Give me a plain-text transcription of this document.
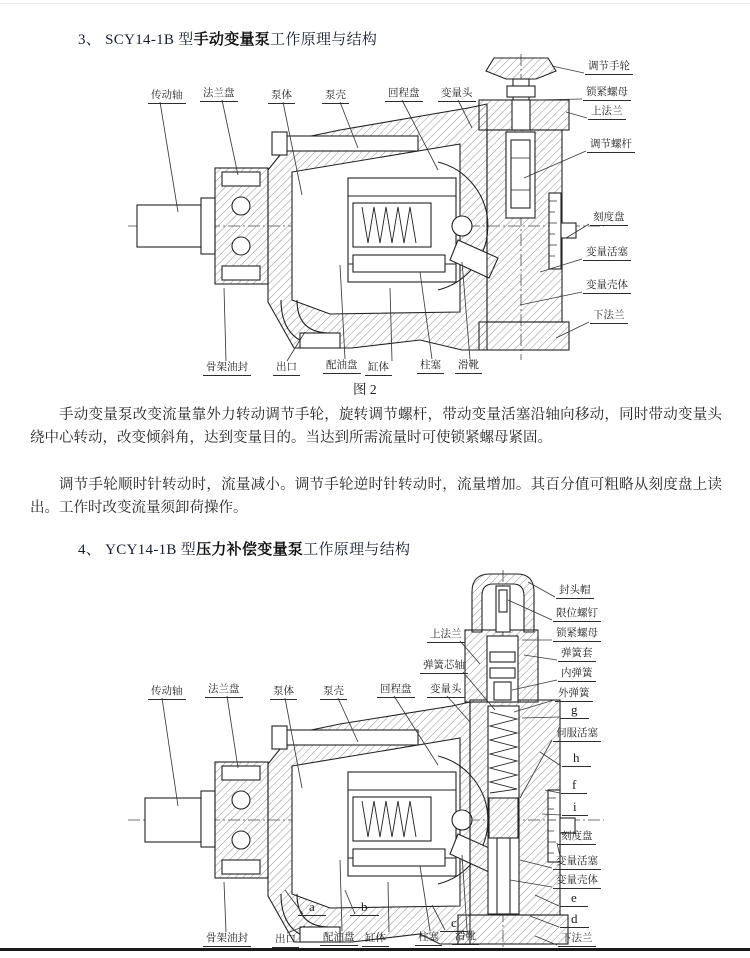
3、 SCY14-1B 型手动变量泵工作原理与结构
传动轴 法兰盘	泵体	泵壳	回程盘 变量头
调节手轮
锁紧螺母
上法兰
调节螺杆
刻度盘
变量活塞
变量壳体
下法兰
骨架油封	出口	配油盘 缸体	柱塞 滑靴
图 2

手动变量泵改变流量靠外力转动调节手轮，旋转调节螺杆，带动变量活塞沿轴向移动，同时带动变量头绕中心转动，改变倾斜角，达到变量目的。当达到所需流量时可使锁紧螺母紧固。

调节手轮顺时针转动时，流量减小。调节手轮逆时针转动时，流量增加。其百分值可粗略从刻度盘上读出。工作时改变流量须卸荷操作。

4、 YCY14-1B 型压力补偿变量泵工作原理与结构
上法兰
弹簧芯轴
传动轴 法兰盘	泵体	泵壳	回程盘 变量头
封头帽
限位螺钉
锁紧螺母
弹簧套
内弹簧
外弹簧
g
伺服活塞
h
f
i
刻度盘
变量活塞
变量壳体
e
d
下法兰
骨架油封	出口	配油盘 缸体	柱塞 滑靴
a	b
c
